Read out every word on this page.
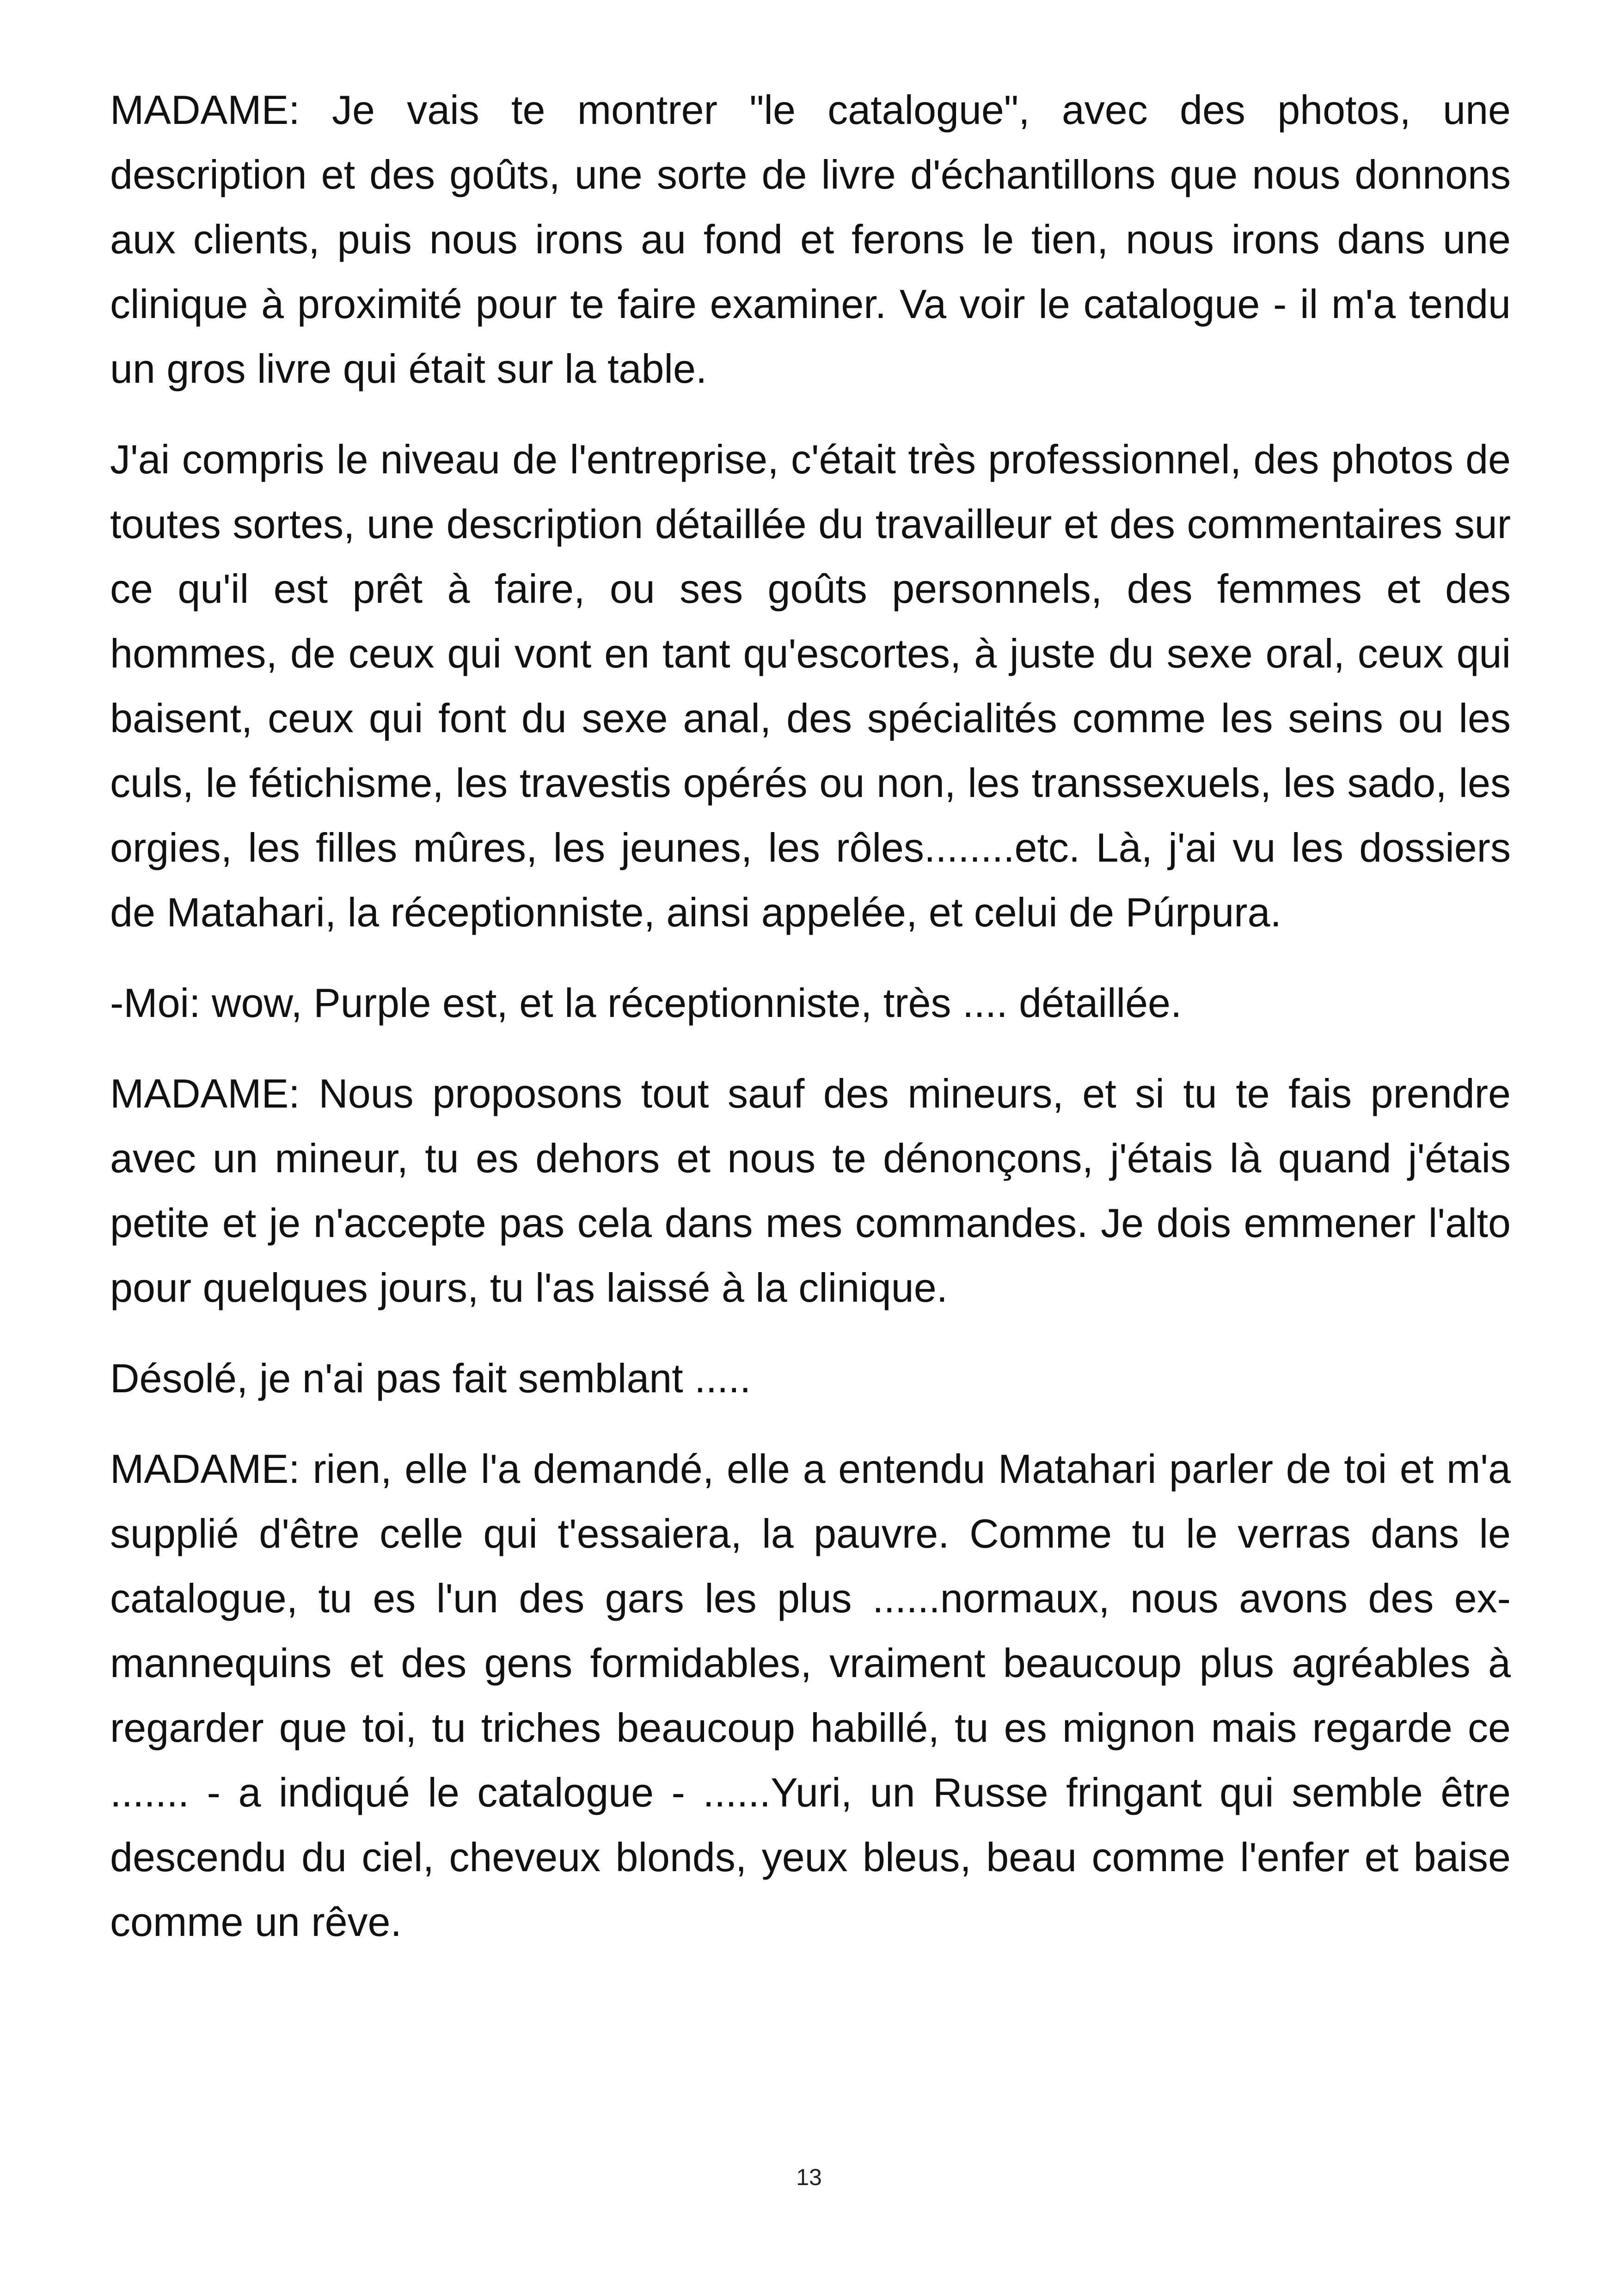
MADAME: Je vais te montrer "le catalogue", avec des photos, une description et des goûts, une sorte de livre d'échantillons que nous donnons aux clients, puis nous irons au fond et ferons le tien, nous irons dans une clinique à proximité pour te faire examiner. Va voir le catalogue - il m'a tendu un gros livre qui était sur la table.

J'ai compris le niveau de l'entreprise, c'était très professionnel, des photos de toutes sortes, une description détaillée du travailleur et des commentaires sur ce qu'il est prêt à faire, ou ses goûts personnels, des femmes et des hommes, de ceux qui vont en tant qu'escortes, à juste du sexe oral, ceux qui baisent, ceux qui font du sexe anal, des spécialités comme les seins ou les culs, le fétichisme, les travestis opérés ou non, les transsexuels, les sado, les orgies, les filles mûres, les jeunes, les rôles........etc. Là, j'ai vu les dossiers de Matahari, la réceptionniste, ainsi appelée, et celui de Púrpura.

-Moi: wow, Purple est, et la réceptionniste, très .... détaillée.

MADAME: Nous proposons tout sauf des mineurs, et si tu te fais prendre avec un mineur, tu es dehors et nous te dénonçons, j'étais là quand j'étais petite et je n'accepte pas cela dans mes commandes. Je dois emmener l'alto pour quelques jours, tu l'as laissé à la clinique.

Désolé, je n'ai pas fait semblant .....

MADAME: rien, elle l'a demandé, elle a entendu Matahari parler de toi et m'a supplié d'être celle qui t'essaiera, la pauvre. Comme tu le verras dans le catalogue, tu es l'un des gars les plus ......normaux, nous avons des ex-mannequins et des gens formidables, vraiment beaucoup plus agréables à regarder que toi, tu triches beaucoup habillé, tu es mignon mais regarde ce ....... - a indiqué le catalogue - ......Yuri, un Russe fringant qui semble être descendu du ciel, cheveux blonds, yeux bleus, beau comme l'enfer et baise comme un rêve.

13
